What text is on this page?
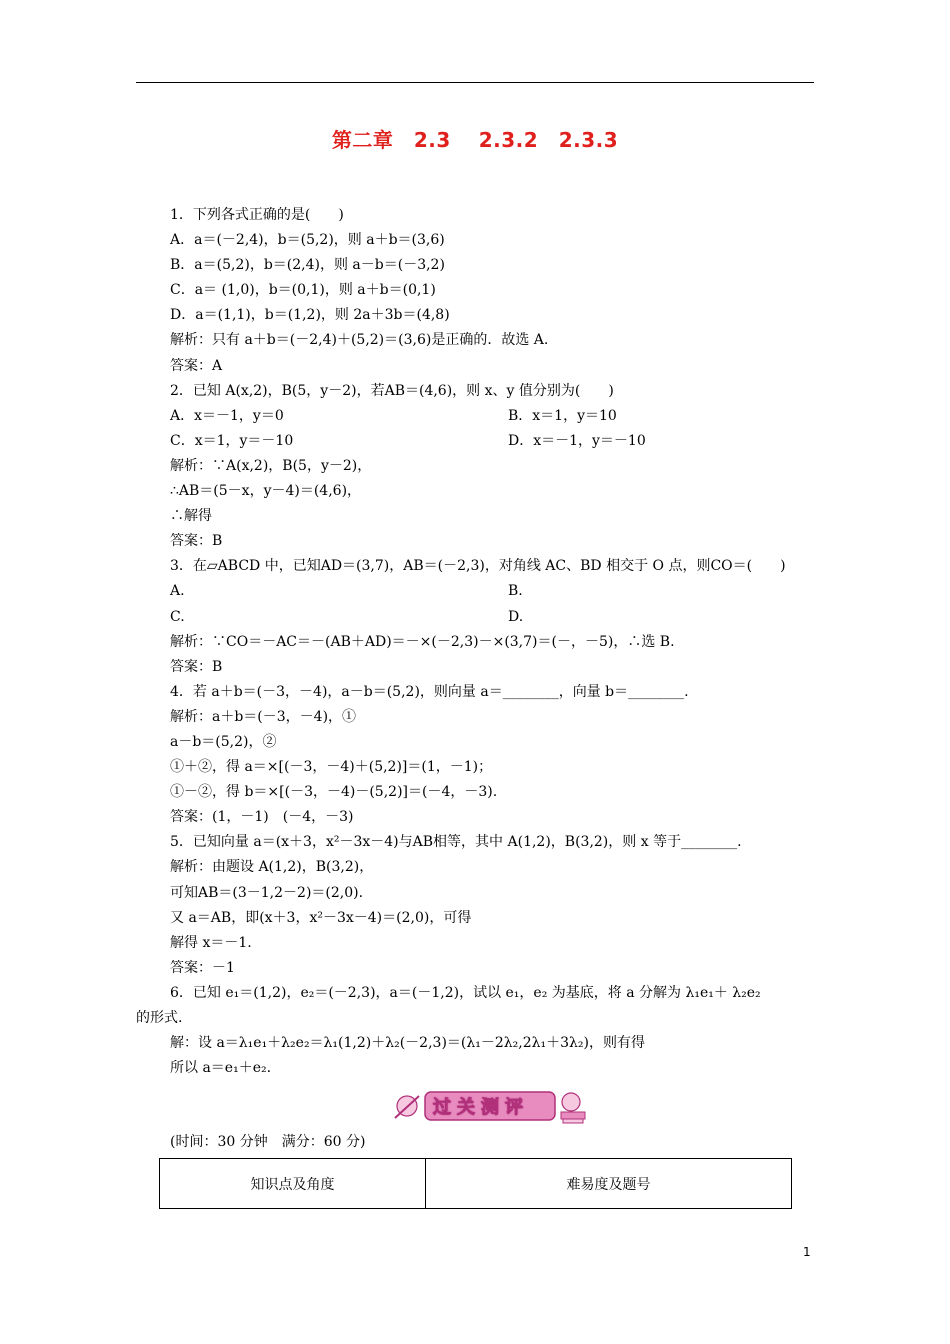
第二章　2.3　 2.3.2　2.3.3
1．下列各式正确的是(　　)
A．a＝(－2,4)，b＝(5,2)，则 a＋b＝(3,6)
B．a＝(5,2)，b＝(2,4)，则 a－b＝(－3,2)
C．a＝ (1,0)，b＝(0,1)，则 a＋b＝(0,1)
D．a＝(1,1)，b＝(1,2)，则 2a＋3b＝(4,8)
解析：只有 a＋b＝(－2,4)＋(5,2)＝(3,6)是正确的．故选 A.
答案：A
2．已知 A(x,2)，B(5，y－2)，若AB＝(4,6)，则 x、y 值分别为(　　)
A．x＝－1，y＝0	B．x＝1，y＝10
C．x＝1，y＝－10	D．x＝－1，y＝－10
解析：∵A(x,2)，B(5，y－2)，
∴AB＝(5－x，y－4)＝(4,6)，
∴解得
答案：B
3．在▱ABCD 中，已知AD＝(3,7)，AB＝(－2,3)，对角线 AC、BD 相交于 O 点，则CO＝(　　)
A.	B.
C.	D.
解析：∵CO＝－AC＝－(AB＋AD)＝－×(－2,3)－×(3,7)＝(－，－5)，∴选 B.
答案：B
4．若 a＋b＝(－3，－4)，a－b＝(5,2)，则向量 a＝________，向量 b＝________.
解析：a＋b＝(－3，－4)，①
a－b＝(5,2)，②
①＋②，得 a＝×[(－3，－4)＋(5,2)]＝(1，－1)；
①－②，得 b＝×[(－3，－4)－(5,2)]＝(－4，－3).
答案：(1，－1)　(－4，－3)
5．已知向量 a＝(x＋3，x²－3x－4)与AB相等，其中 A(1,2)，B(3,2)，则 x 等于________.
解析：由题设 A(1,2)，B(3,2)，
可知AB＝(3－1,2－2)＝(2,0).
又 a＝AB，即(x＋3，x²－3x－4)＝(2,0)，可得
解得 x＝－1.
答案：－1
6．已知 e₁＝(1,2)，e₂＝(－2,3)，a＝(－1,2)，试以 e₁，e₂ 为基底，将 a 分解为 λ₁e₁＋ λ₂e₂
的形式.
解：设 a＝λ₁e₁＋λ₂e₂＝λ₁(1,2)＋λ₂(－2,3)＝(λ₁－2λ₂,2λ₁＋3λ₂)，则有得
所以 a＝e₁＋e₂.
过关测评
(时间：30 分钟　满分：60 分)
知识点及角度	难易度及题号
1
